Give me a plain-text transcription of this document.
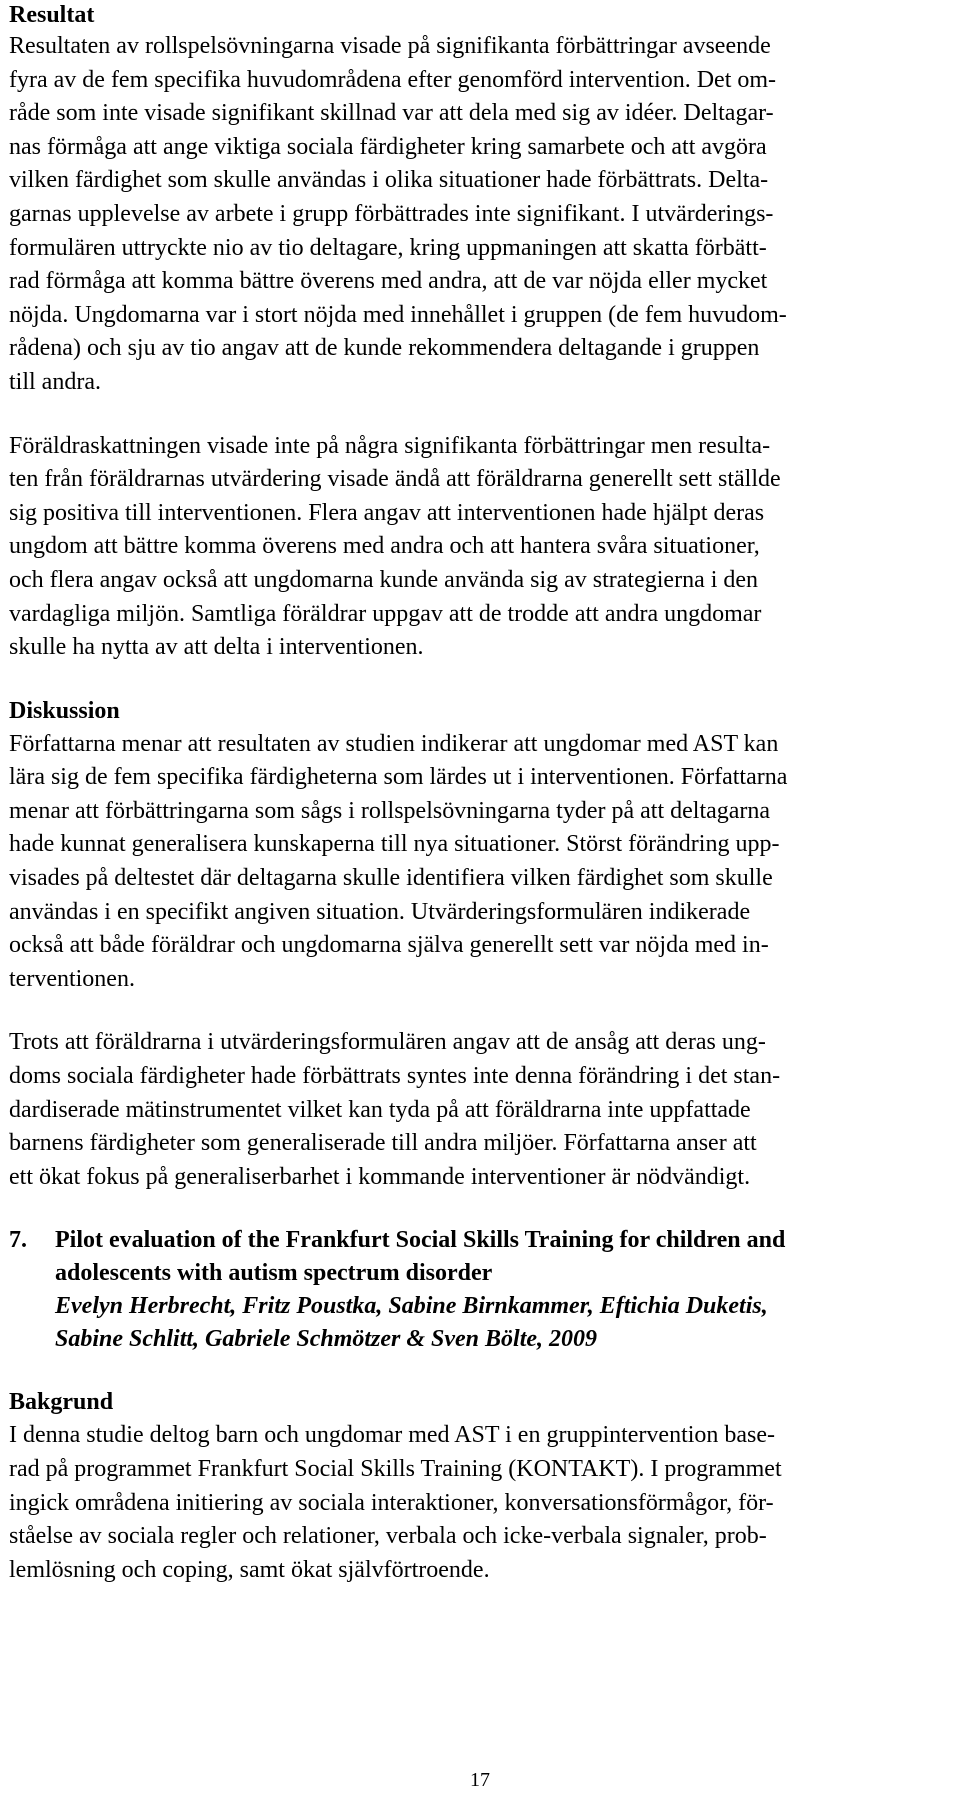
Resultat

Resultaten av rollspelsövningarna visade på signifikanta förbättringar avseende
fyra av de fem specifika huvudområdena efter genomförd intervention. Det om-
råde som inte visade signifikant skillnad var att dela med sig av idéer. Deltagar-
nas förmåga att ange viktiga sociala färdigheter kring samarbete och att avgöra
vilken färdighet som skulle användas i olika situationer hade förbättrats. Delta-
garnas upplevelse av arbete i grupp förbättrades inte signifikant. I utvärderings-
formulären uttryckte nio av tio deltagare, kring uppmaningen att skatta förbätt-
rad förmåga att komma bättre överens med andra, att de var nöjda eller mycket
nöjda. Ungdomarna var i stort nöjda med innehållet i gruppen (de fem huvudom-
rådena) och sju av tio angav att de kunde rekommendera deltagande i gruppen
till andra.

Föräldraskattningen visade inte på några signifikanta förbättringar men resulta-
ten från föräldrarnas utvärdering visade ändå att föräldrarna generellt sett ställde
sig positiva till interventionen. Flera angav att interventionen hade hjälpt deras
ungdom att bättre komma överens med andra och att hantera svåra situationer,
och flera angav också att ungdomarna kunde använda sig av strategierna i den
vardagliga miljön. Samtliga föräldrar uppgav att de trodde att andra ungdomar
skulle ha nytta av att delta i interventionen.

Diskussion

Författarna menar att resultaten av studien indikerar att ungdomar med AST kan
lära sig de fem specifika färdigheterna som lärdes ut i interventionen. Författarna
menar att förbättringarna som sågs i rollspelsövningarna tyder på att deltagarna
hade kunnat generalisera kunskaperna till nya situationer. Störst förändring upp-
visades på deltestet där deltagarna skulle identifiera vilken färdighet som skulle
användas i en specifikt angiven situation. Utvärderingsformulären indikerade
också att både föräldrar och ungdomarna själva generellt sett var nöjda med in-
terventionen.

Trots att föräldrarna i utvärderingsformulären angav att de ansåg att deras ung-
doms sociala färdigheter hade förbättrats syntes inte denna förändring i det stan-
dardiserade mätinstrumentet vilket kan tyda på att föräldrarna inte uppfattade
barnens färdigheter som generaliserade till andra miljöer. Författarna anser att
ett ökat fokus på generaliserbarhet i kommande interventioner är nödvändigt.

7. Pilot evaluation of the Frankfurt Social Skills Training for children and
adolescents with autism spectrum disorder
Evelyn Herbrecht, Fritz Poustka, Sabine Birnkammer, Eftichia Duketis,
Sabine Schlitt, Gabriele Schmötzer & Sven Bölte, 2009
Bakgrund

I denna studie deltog barn och ungdomar med AST i en gruppintervention base-
rad på programmet Frankfurt Social Skills Training (KONTAKT). I programmet
ingick områdena initiering av sociala interaktioner, konversationsförmågor, för-
ståelse av sociala regler och relationer, verbala och icke-verbala signaler, prob-
lemlösning och coping, samt ökat självförtroende.

17
